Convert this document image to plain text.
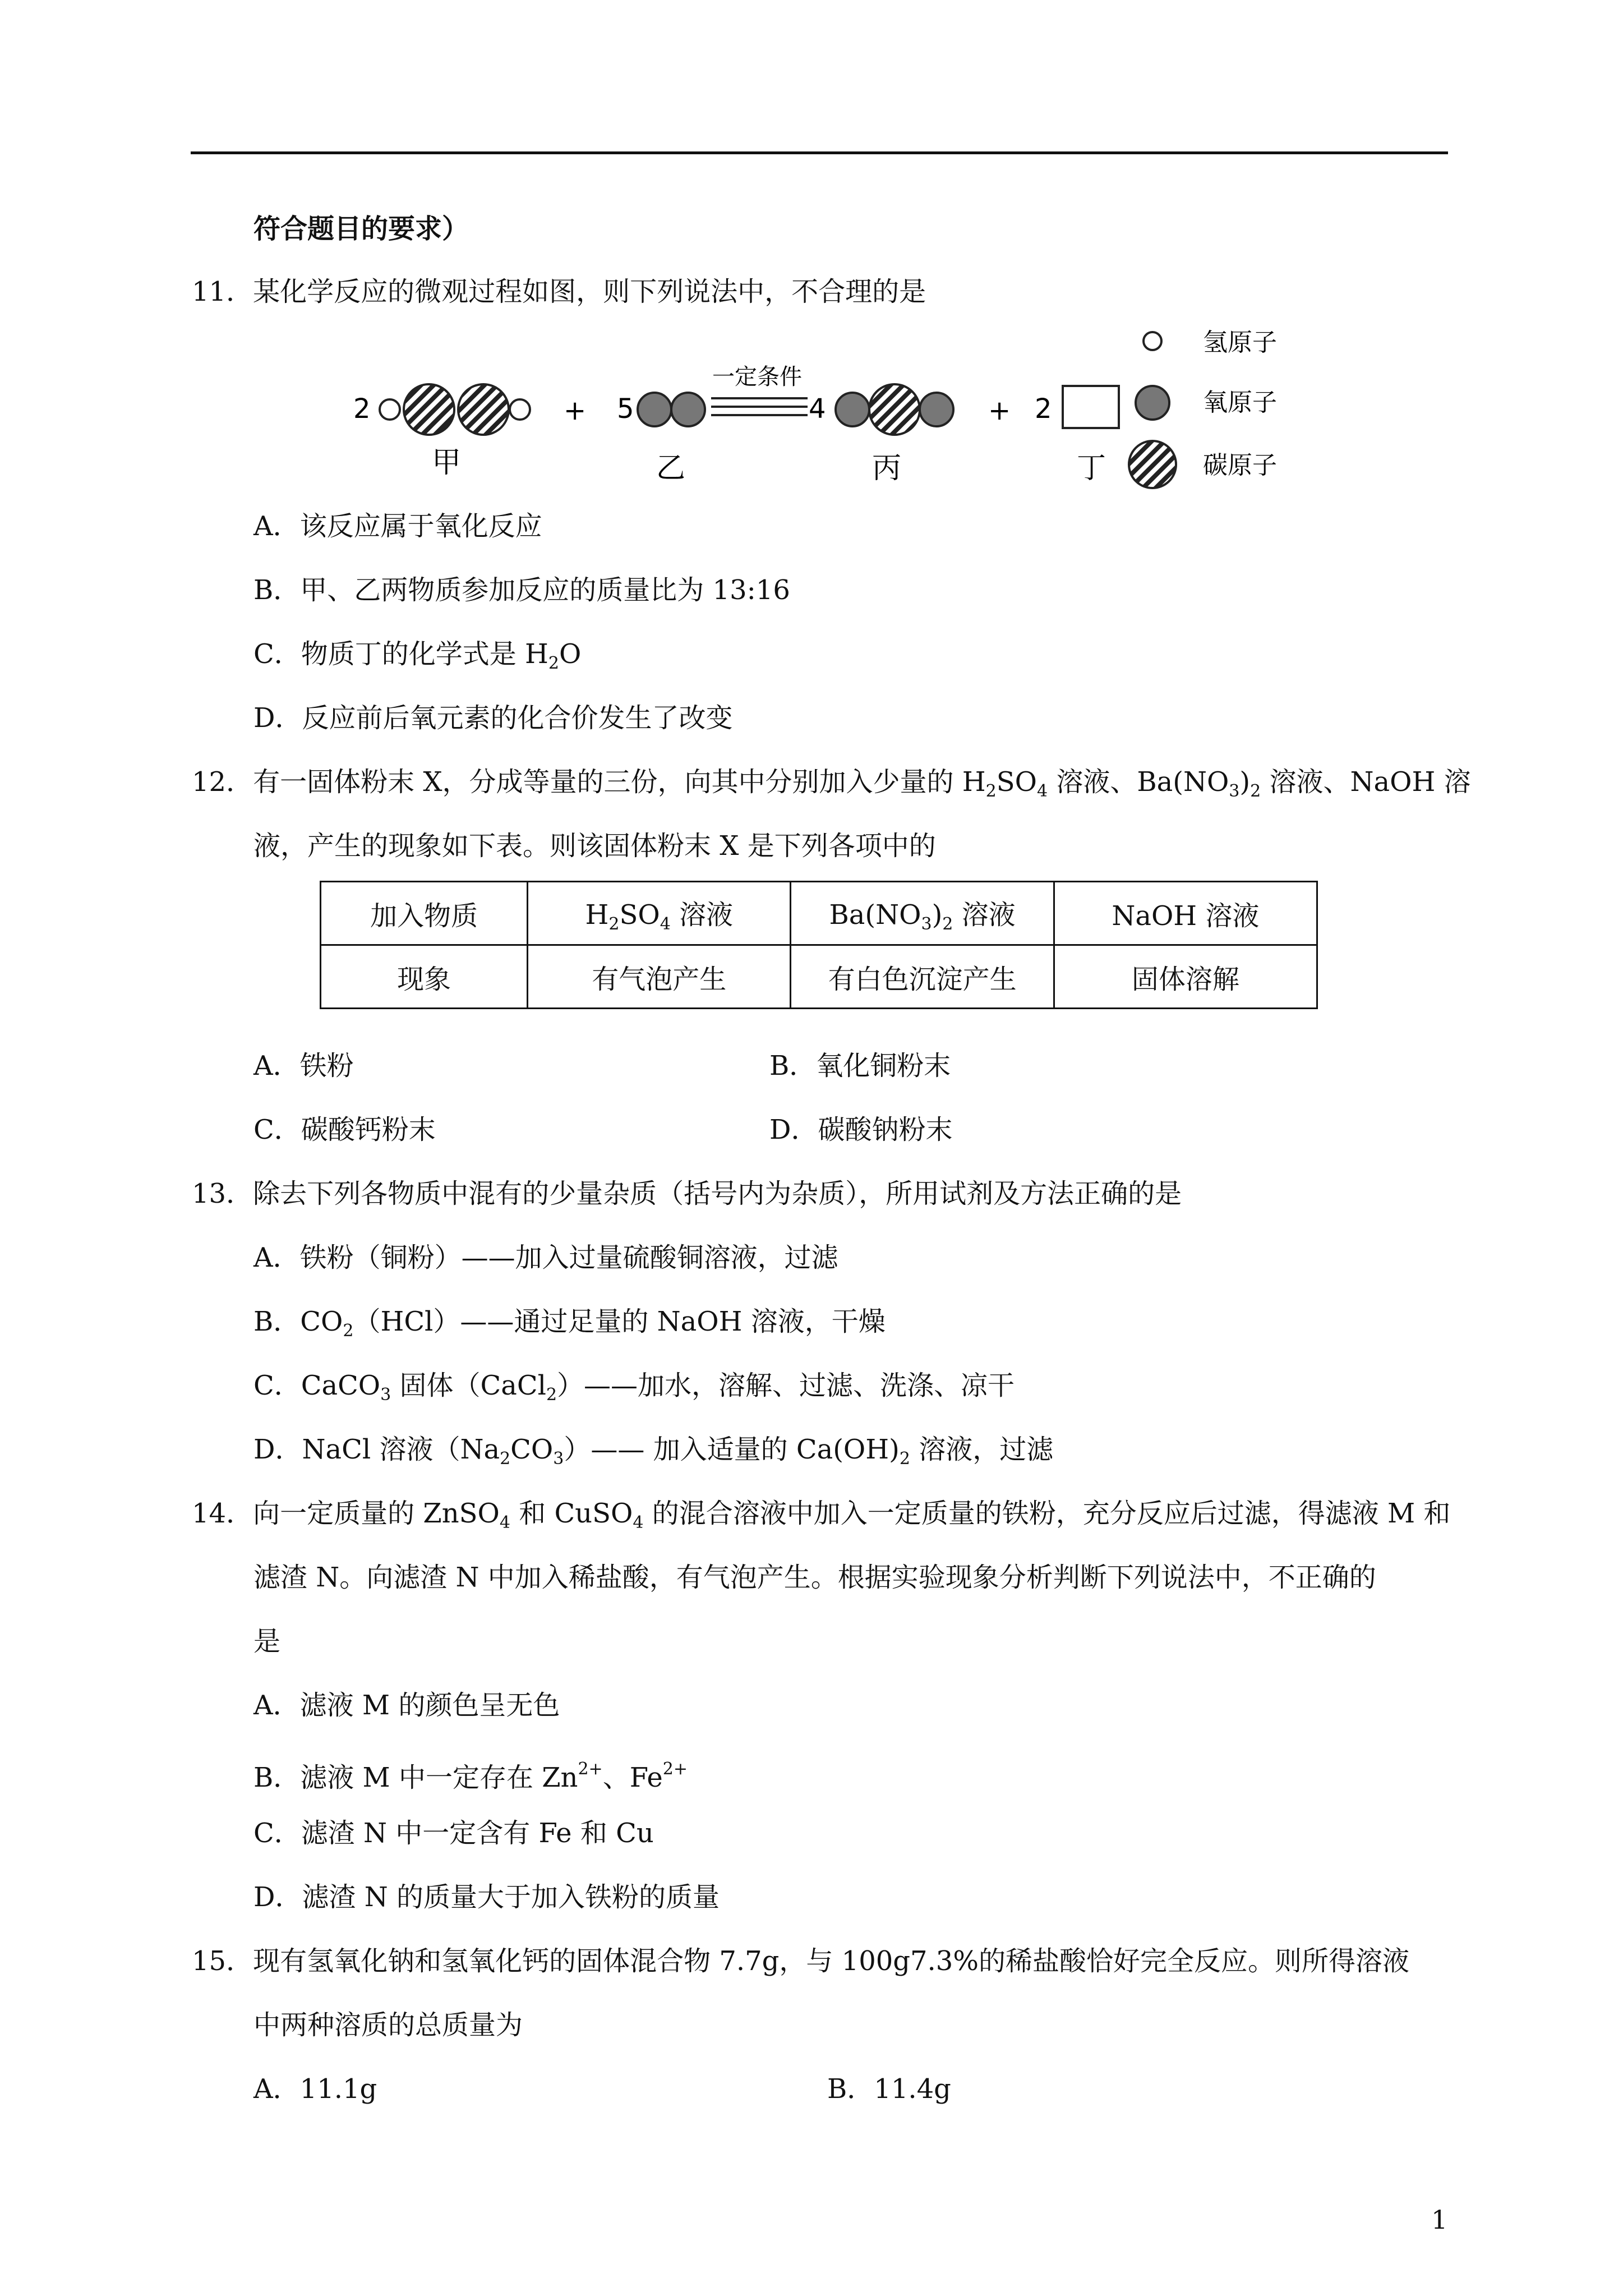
符合题目的要求）
11．某化学反应的微观过程如图，则下列说法中，不合理的是
2
甲
+ 5
乙
一定条件
4
丙
+ 2
丁
氢原子
氧原子
碳原子
A．该反应属于氧化反应
B．甲、乙两物质参加反应的质量比为 13:16
C．物质丁的化学式是 $H_2O$
D．反应前后氧元素的化合价发生了改变
12．有一固体粉末 X，分成等量的三份，向其中分别加入少量的 $H_2SO_4$ 溶液、$Ba(NO_3)_2$ 溶液、NaOH 溶
液，产生的现象如下表。则该固体粉末 X 是下列各项中的
加入物质	$H_2SO_4$ 溶液	$Ba(NO_3)_2$ 溶液	NaOH 溶液
现象	有气泡产生	有白色沉淀产生	固体溶解
A．铁粉	B．氧化铜粉末
C．碳酸钙粉末	D．碳酸钠粉末
13．除去下列各物质中混有的少量杂质（括号内为杂质），所用试剂及方法正确的是
A．铁粉（铜粉）——加入过量硫酸铜溶液，过滤
B．$CO_2(HCl)——$通过足量的 NaOH 溶液，干燥
C．CaCO$_3$ 固体（CaCl$_2$）——加水，溶解、过滤、洗涤、凉干
D．NaCl 溶液$(Na_2CO_3)——$ 加入适量的 $Ca(OH)_2$ 溶液，过滤
14．向一定质量的 ZnSO$_4$ 和 CuSO$_4$ 的混合溶液中加入一定质量的铁粉，充分反应后过滤，得滤液 M 和
滤渣 N。向滤渣 N 中加入稀盐酸，有气泡产生。根据实验现象分析判断下列说法中，不正确的
是
A．滤液 M 的颜色呈无色
B．滤液 M 中一定存在 $Zn^{2+}$、$Fe^{2+}$
C．滤渣 N 中一定含有 Fe 和 Cu
D．滤渣 N 的质量大于加入铁粉的质量
15．现有氢氧化钠和氢氧化钙的固体混合物 7.7g，与 100g7.3%的稀盐酸恰好完全反应。则所得溶液
中两种溶质的总质量为
A．11.1g	B．11.4g
1
